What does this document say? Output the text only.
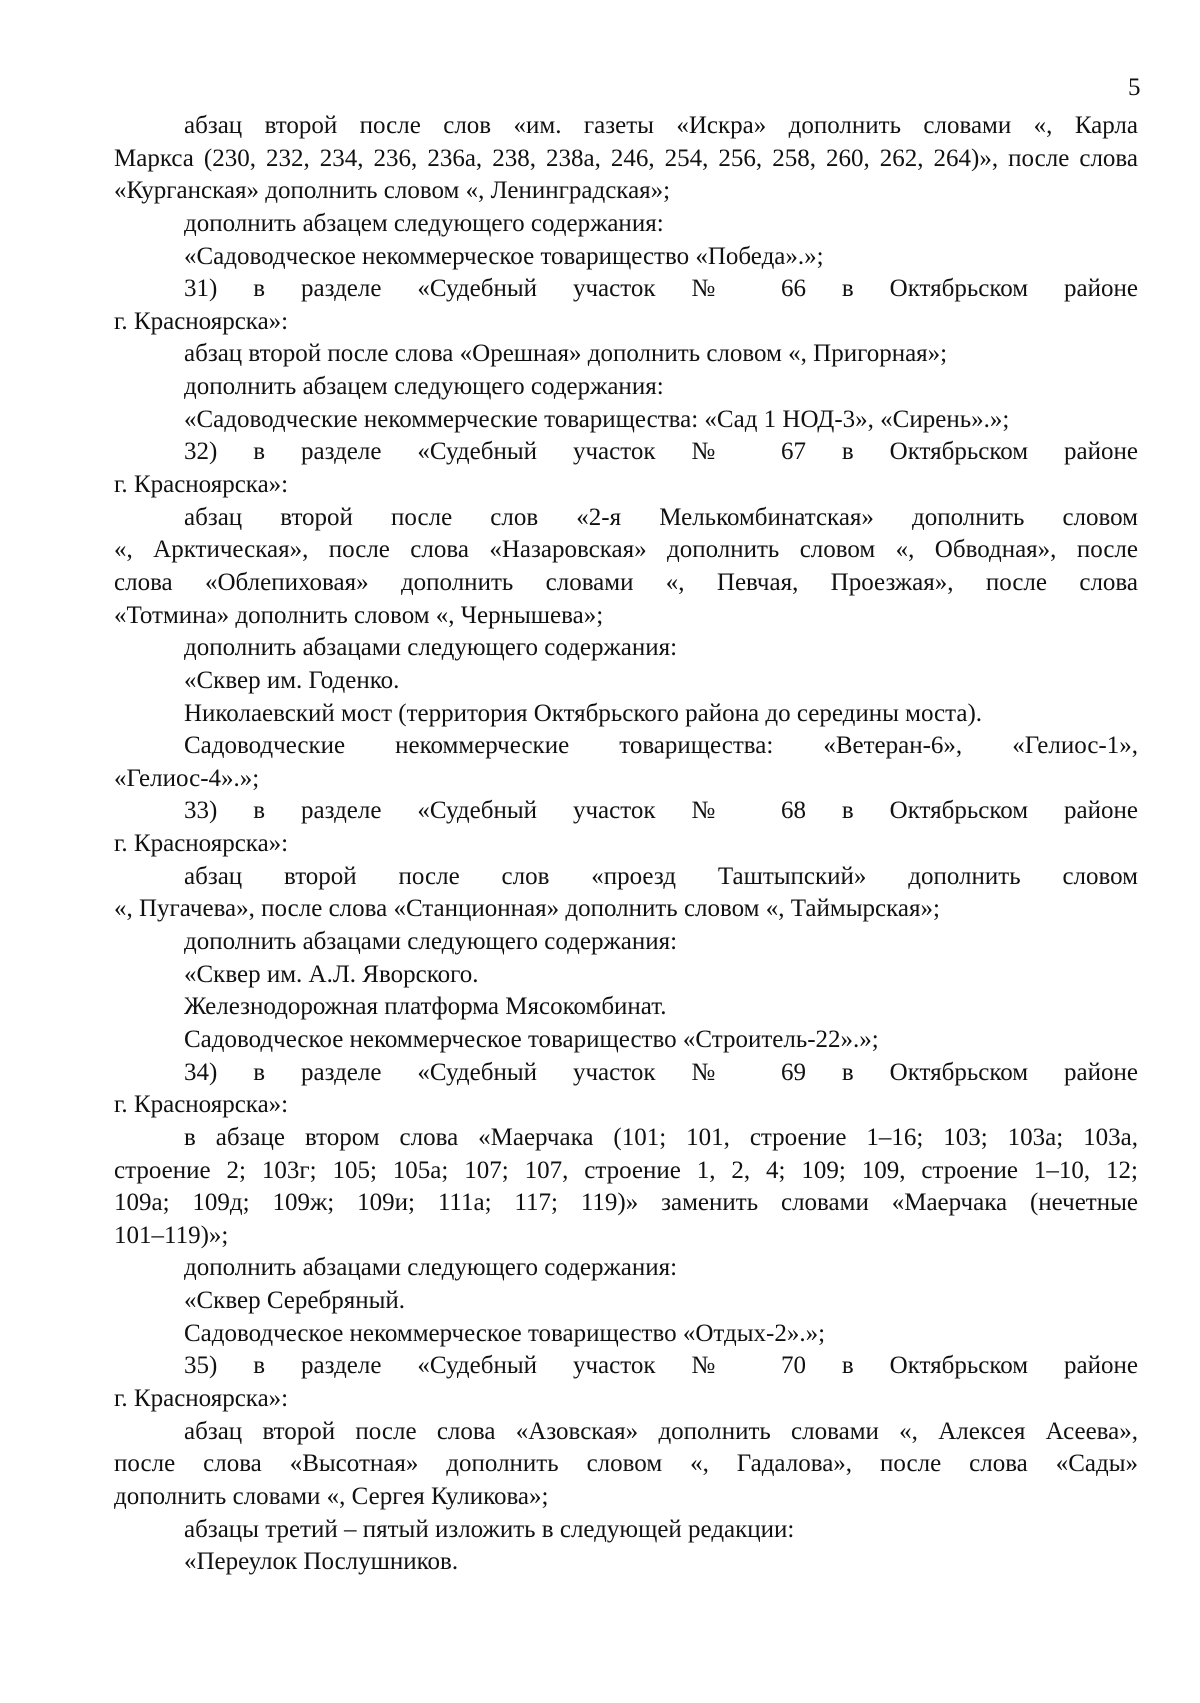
5
абзац второй после слов «им. газеты «Искра» дополнить словами «, Карла
Маркса (230, 232, 234, 236, 236а, 238, 238а, 246, 254, 256, 258, 260, 262, 264)», после слова
«Курганская» дополнить словом «, Ленинградская»;
дополнить абзацем следующего содержания:
«Садоводческое некоммерческое товарищество «Победа».»;
31) в разделе «Судебный участок № 66 в Октябрьском районе
г. Красноярска»:
абзац второй после слова «Орешная» дополнить словом «, Пригорная»;
дополнить абзацем следующего содержания:
«Садоводческие некоммерческие товарищества: «Сад 1 НОД-3», «Сирень».»;
32) в разделе «Судебный участок № 67 в Октябрьском районе
г. Красноярска»:
абзац второй после слов «2-я Мелькомбинатская» дополнить словом
«, Арктическая», после слова «Назаровская» дополнить словом «, Обводная», после
слова «Облепиховая» дополнить словами «, Певчая, Проезжая», после слова
«Тотмина» дополнить словом «, Чернышева»;
дополнить абзацами следующего содержания:
«Сквер им. Годенко.
Николаевский мост (территория Октябрьского района до середины моста).
Садоводческие некоммерческие товарищества: «Ветеран-6», «Гелиос-1»,
«Гелиос-4».»;
33) в разделе «Судебный участок № 68 в Октябрьском районе
г. Красноярска»:
абзац второй после слов «проезд Таштыпский» дополнить словом
«, Пугачева», после слова «Станционная» дополнить словом «, Таймырская»;
дополнить абзацами следующего содержания:
«Сквер им. А.Л. Яворского.
Железнодорожная платформа Мясокомбинат.
Садоводческое некоммерческое товарищество «Строитель-22».»;
34) в разделе «Судебный участок № 69 в Октябрьском районе
г. Красноярска»:
в абзаце втором слова «Маерчака (101; 101, строение 1–16; 103; 103а; 103а,
строение 2; 103г; 105; 105а; 107; 107, строение 1, 2, 4; 109; 109, строение 1–10, 12;
109а; 109д; 109ж; 109и; 111а; 117; 119)» заменить словами «Маерчака (нечетные
101–119)»;
дополнить абзацами следующего содержания:
«Сквер Серебряный.
Садоводческое некоммерческое товарищество «Отдых-2».»;
35) в разделе «Судебный участок № 70 в Октябрьском районе
г. Красноярска»:
абзац второй после слова «Азовская» дополнить словами «, Алексея Асеева»,
после слова «Высотная» дополнить словом «, Гадалова», после слова «Сады»
дополнить словами «, Сергея Куликова»;
абзацы третий – пятый изложить в следующей редакции:
«Переулок Послушников.
